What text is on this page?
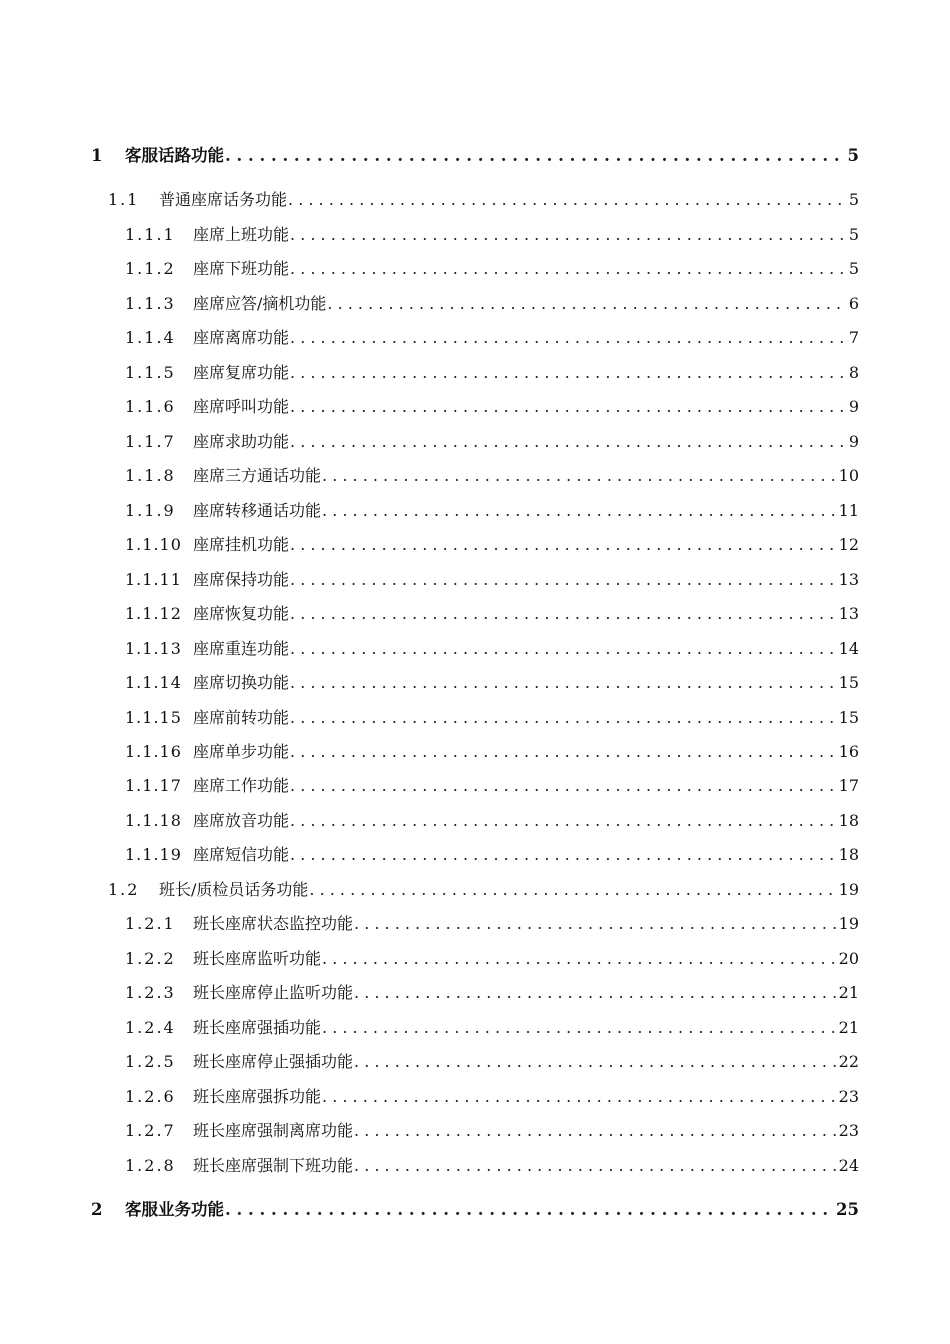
1	客服话路功能 . . .	5
1.1	普通座席话务功能 . . .	5
1.1.1	座席上班功能 . . .	5
1.1.2	座席下班功能 . . .	5
1.1.3	座席应答/摘机功能 . . .	6
1.1.4	座席离席功能 . . .	7
1.1.5	座席复席功能 . . .	8
1.1.6	座席呼叫功能 . . .	9
1.1.7	座席求助功能 . . .	9
1.1.8	座席三方通话功能 . . .	10
1.1.9	座席转移通话功能 . . .	11
1.1.10 座席挂机功能 . . .	12
1.1.11 座席保持功能 . . .	13
1.1.12 座席恢复功能 . . .	13
1.1.13 座席重连功能 . . .	14
1.1.14 座席切换功能 . . .	15
1.1.15 座席前转功能 . . .	15
1.1.16 座席单步功能 . . .	16
1.1.17 座席工作功能 . . .	17
1.1.18 座席放音功能 . . .	18
1.1.19 座席短信功能 . . .	18
1.2	班长/质检员话务功能 . . .	19
1.2.1	班长座席状态监控功能 . . .	19
1.2.2	班长座席监听功能 . . .	20
1.2.3	班长座席停止监听功能 . . .	21
1.2.4	班长座席强插功能 . . .	21
1.2.5	班长座席停止强插功能 . . .	22
1.2.6	班长座席强拆功能 . . .	23
1.2.7	班长座席强制离席功能 . . .	23
1.2.8	班长座席强制下班功能 . . .	24
2	客服业务功能 . . .	25
